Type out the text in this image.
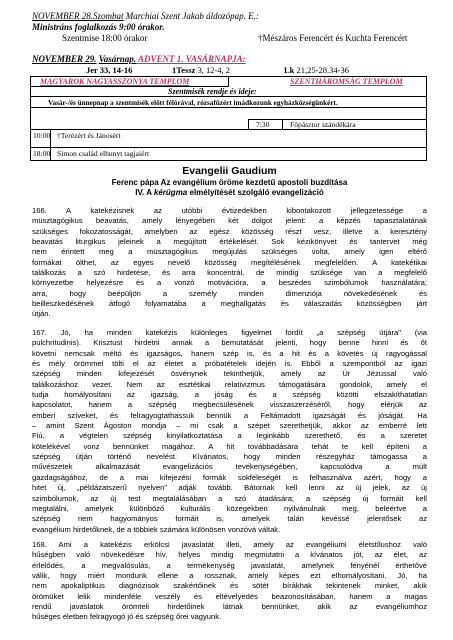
NOVEMBER 28.Szombat Marchiai Szent Jakab áldozópap. E.:
Ministráns foglalkozás 9:00 órakor.
Szentmise 18:00 órakor	†Mészáros Ferencért és Kuchta Ferencért
NOVEMBER 29. Vasárnap. ADVENT 1. VASÁRNAPJA:
Jer 33, 14-16	1Tessz 3, 12-4, 2	Lk 21,25-28.34-36
MAGYAROK NAGYASSZONYA TEMPLOM	SZENTHÁROMSÁG TEMPLOM
Szentmisék rendje és ideje:
Vasár-/és ünnepnap a szentmisék előtt félórával, rózsafüzért imádkozunk egyházközségünkért.
7:30	Főpásztor szándékára
10:00 †Terézért és Jánosért
18:00 Simon család elhunyt tagjaiért
Evangelii Gaudium
Ferenc pápa Az evangélium öröme kezdetű apostoli buzdítása
IV. A kérügma elmélyítését szolgáló evangelizáció
166. A katekézisnek az utóbbi évtizedekben kibontakozott jellegzetessége a
müsztagógikus beavatás, amely lényegében két dolgot jelent: a képzés tapasztalatának
szükséges fokozatosságát, amelyben az egész közösség részt vesz, illetve a keresztény
beavatás liturgikus jeleinek a megújított értékelését. Sok kézikönyvet és tantervet még
nem érintett meg a müsztagógikus megújulás szükséges volta, amely igen eltérő
formákat ölthet, az egyes nevelő közösség megítélésének megfelelően. A katekétikai
találkozás a szó hirdetése, és arra koncentrál, de mindig szüksége van a megfelelő
környezetbe helyezésre és a vonzó motivációra, a beszédes szimbólumok használatára;
arra, hogy beépüljön a személy minden dimenziója növekedésének és
beilleszkedésének átfogó folyamatába a meghallgatás és válaszadás közösségben járt
útján.
167. Jó, ha minden katekézis különleges figyelmet fordít „a szépség útjára" (via
pulchritudinis). Krisztust hirdetni annak a bemutatását jelenti, hogy benne hinni és őt
követni nemcsak méltó és igazságos, hanem szép is, és a hit és a követés új ragyogással
és mély örömmel tölti el az életet a próbatételek idején is. Ebből a szempontból az igazi
szépség minden kifejezését ösvénynek tekinthetjük, amely az Úr Jézussal való
találkozáshoz vezet. Nem az esztétikai relativizmus támogatására gondolok, amely el
tudja homályosítani az igazság, a jóság és a szépség közötti elszakíthatatlan
kapcsolatot, hanem a szépség megbecsülésének visszaszerzéséről, hogy elérjük az
emberi szíveket, és felragyogtathassuk bennük a Feltámadott igazságát és jóságát. Ha
– amint Szent Ágoston mondja – mi csak a szépet szerethetjük, akkor az emberré lett
Fiú, a végtelen szépség kinyilatkoztatása a leginkább szerethető, és a szeretet
kötelékével vonz bennünket magához. A hit továbbadására tehát te kell építeni a
szépség útján történő nevelést. Kívánatos, hogy minden részegyház támogassa a
művészetek alkalmazását evangelizációs tevékenységében, kapcsolódva a múlt
gazdagságához, de a mai kifejezési formák sokféleségét is felhasználva azért, hogy a
hitet új, „példázatszerű nyelven" adják tovább. Bátornak kell lenni az új jelek, az új
szimbólumok, az új test megtalálásában a szó átadására; a szépség új formáit kell
megtalálni, amelyek különböző kulturális közegekben nyilvánulnak meg, beleértve a
szépség nem hagyományos formáit is, amelyek talán kevéssé jelentősek az
evangélium hirdetőknek, de a többiek számára különösen vonzóvá váltak.
168. Ami a katekézis erkölcsi javaslatát illeti, amely az evangéliumi életstílushoz való
hűségben való növekedésre hív, helyes mindig megmutatni a kívánatos jót, az élet, az
érlelődés, a megvalósulás, a termékenység javaslatát, amelynek fényénél érthetővé
válik, hogy miért mondunk ellene a rossznak, amely képes ezt elhomályosítani. Jó, ha
nem apokaliptikus diagnózisok szakértőinek és sötét bírákhak tekintenek minket, akik
örömüket lelik mindenféle veszély és eltévelyedés beazonosításában, hanem a magas
rendű javaslatok örömteli hirdetőinek látnak bennünket, akik az evangéliumhoz
hűséges életben felragyogó jó és szépség őrei vagyunk.
